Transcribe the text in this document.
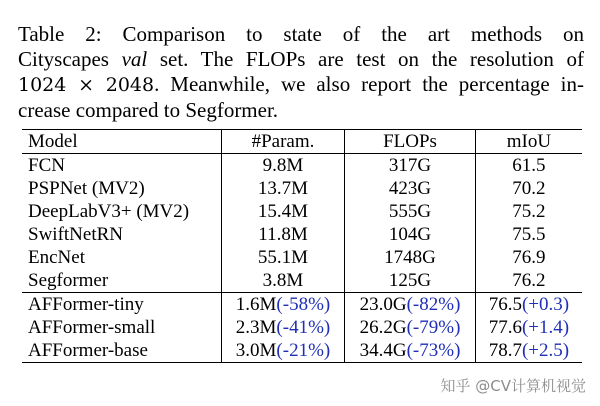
Table 2: Comparison to state of the art methods on
Cityscapes val set. The FLOPs are test on the resolution of
1024 × 2048. Meanwhile, we also report the percentage in-
crease compared to Segformer.
Model	#Param.	FLOPs	mIoU
FCN	9.8M	317G	61.5
PSPNet (MV2)	13.7M	423G	70.2
DeepLabV3+ (MV2)	15.4M	555G	75.2
SwiftNetRN	11.8M	104G	75.5
EncNet	55.1M	1748G	76.9
Segformer	3.8M	125G	76.2
AFFormer-tiny	1.6M(-58%)	23.0G(-82%)	76.5(+0.3)
AFFormer-small	2.3M(-41%)	26.2G(-79%)	77.6(+1.4)
AFFormer-base	3.0M(-21%)	34.4G(-73%)	78.7(+2.5)
知乎 @CV计算机视觉
